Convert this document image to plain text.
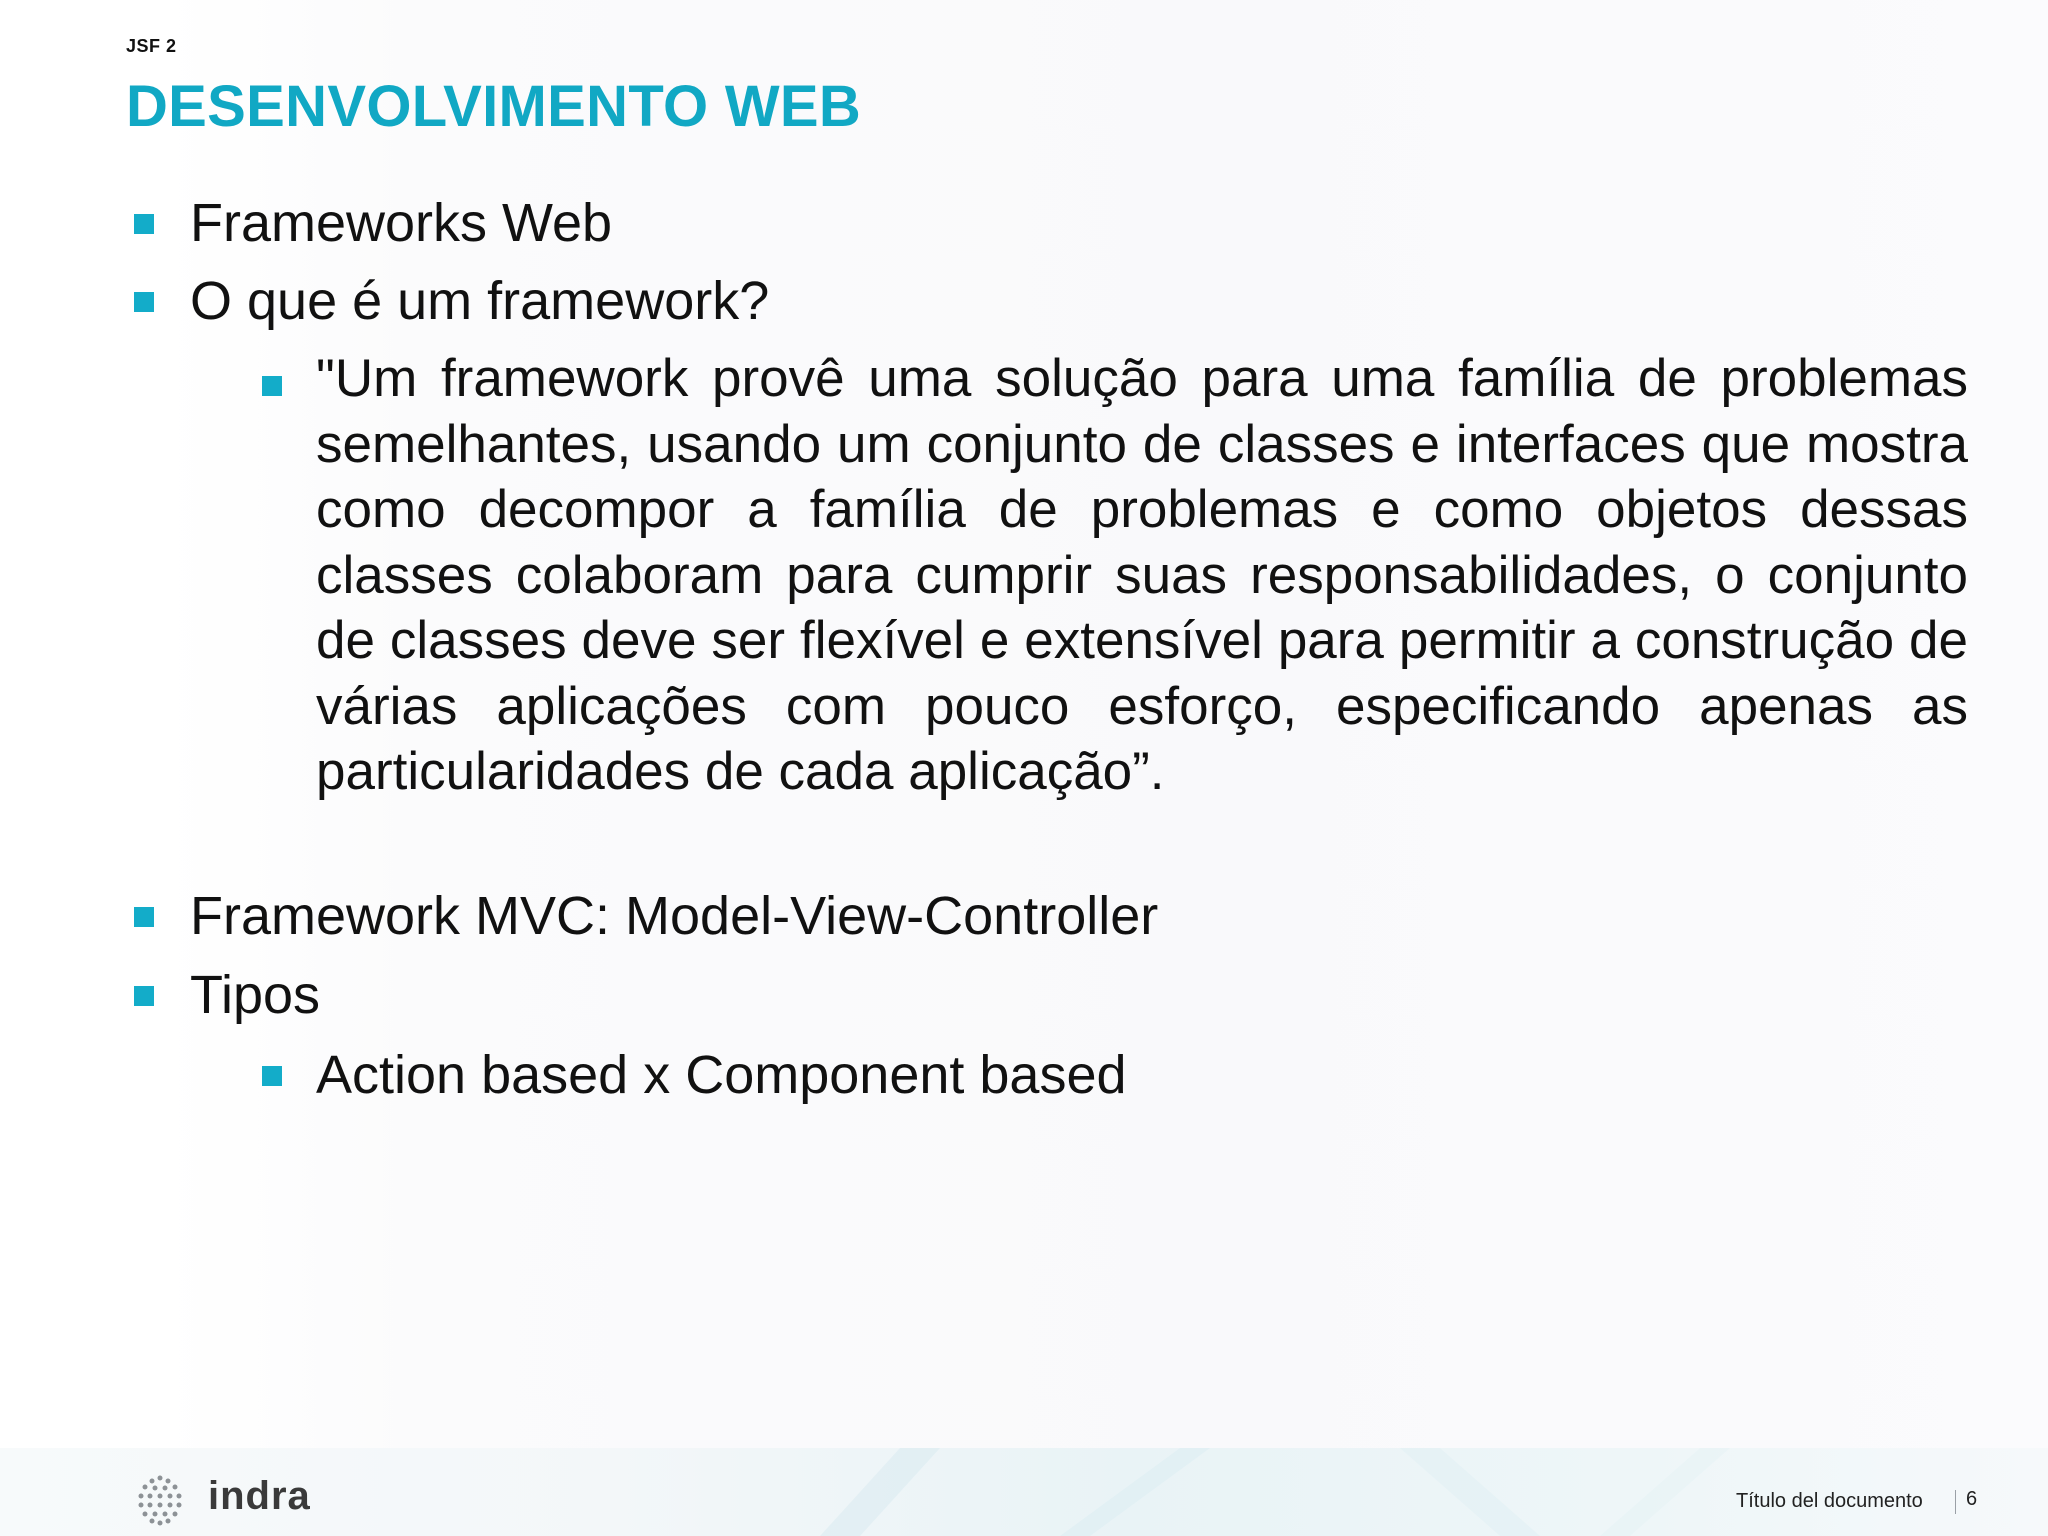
JSF 2
DESENVOLVIMENTO WEB
Frameworks Web
O que é um framework?
"Um framework provê uma solução para uma família de problemas semelhantes, usando um conjunto de classes e interfaces que mostra como decompor a família de problemas e como objetos dessas classes colaboram para cumprir suas responsabilidades, o conjunto de classes deve ser flexível e extensível para permitir a construção de várias aplicações com pouco esforço, especificando apenas as particularidades de cada aplicação”.
Framework MVC: Model-View-Controller
Tipos
Action based x Component based
indra	Título del documento 6
